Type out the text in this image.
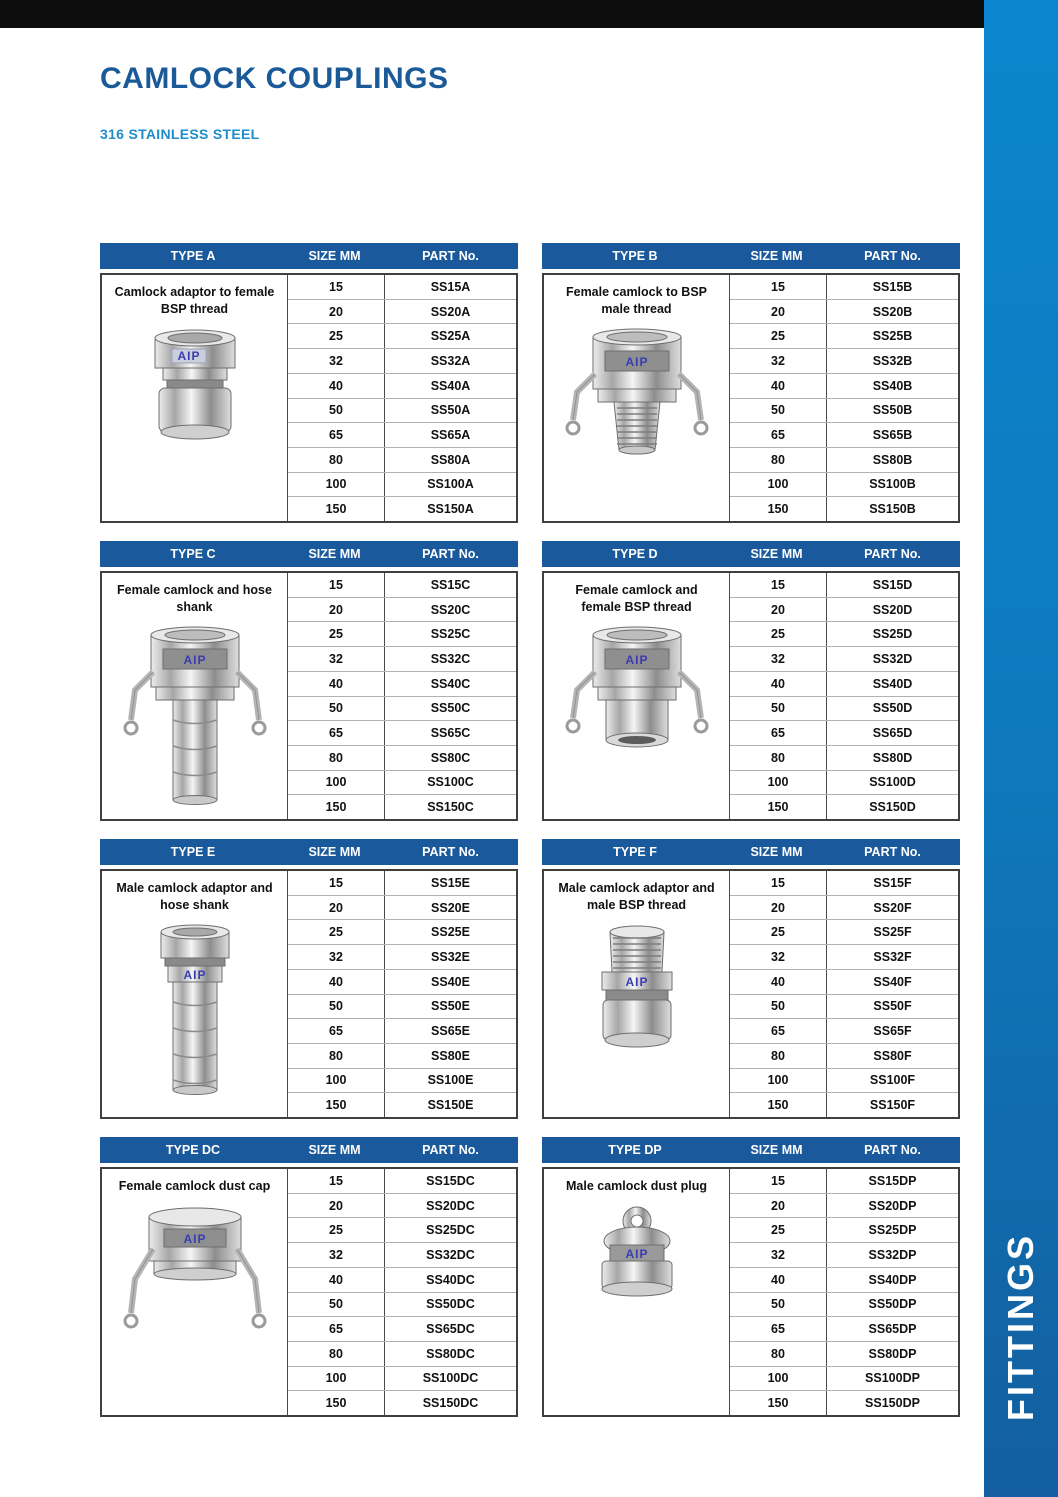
FITTINGS
CAMLOCK COUPLINGS
316 STAINLESS STEEL
TYPE A	SIZE MM	PART No.
Camlock adaptor to female BSP thread
AIP
15	SS15A
20	SS20A
25	SS25A
32	SS32A
40	SS40A
50	SS50A
65	SS65A
80	SS80A
100	SS100A
150	SS150A
TYPE B	SIZE MM	PART No.
Female camlock to BSP male thread
AIP
15	SS15B
20	SS20B
25	SS25B
32	SS32B
40	SS40B
50	SS50B
65	SS65B
80	SS80B
100	SS100B
150	SS150B
TYPE C	SIZE MM	PART No.
Female camlock and hose shank
AIP
15	SS15C
20	SS20C
25	SS25C
32	SS32C
40	SS40C
50	SS50C
65	SS65C
80	SS80C
100	SS100C
150	SS150C
TYPE D	SIZE MM	PART No.
Female camlock and female BSP thread
AIP
15	SS15D
20	SS20D
25	SS25D
32	SS32D
40	SS40D
50	SS50D
65	SS65D
80	SS80D
100	SS100D
150	SS150D
TYPE E	SIZE MM	PART No.
Male camlock adaptor and hose shank
AIP
15	SS15E
20	SS20E
25	SS25E
32	SS32E
40	SS40E
50	SS50E
65	SS65E
80	SS80E
100	SS100E
150	SS150E
TYPE F	SIZE MM	PART No.
Male camlock adaptor and male BSP thread
AIP
15	SS15F
20	SS20F
25	SS25F
32	SS32F
40	SS40F
50	SS50F
65	SS65F
80	SS80F
100	SS100F
150	SS150F
TYPE DC	SIZE MM	PART No.
Female camlock dust cap
AIP
15	SS15DC
20	SS20DC
25	SS25DC
32	SS32DC
40	SS40DC
50	SS50DC
65	SS65DC
80	SS80DC
100	SS100DC
150	SS150DC
TYPE DP	SIZE MM	PART No.
Male camlock dust plug
AIP
15	SS15DP
20	SS20DP
25	SS25DP
32	SS32DP
40	SS40DP
50	SS50DP
65	SS65DP
80	SS80DP
100	SS100DP
150	SS150DP
